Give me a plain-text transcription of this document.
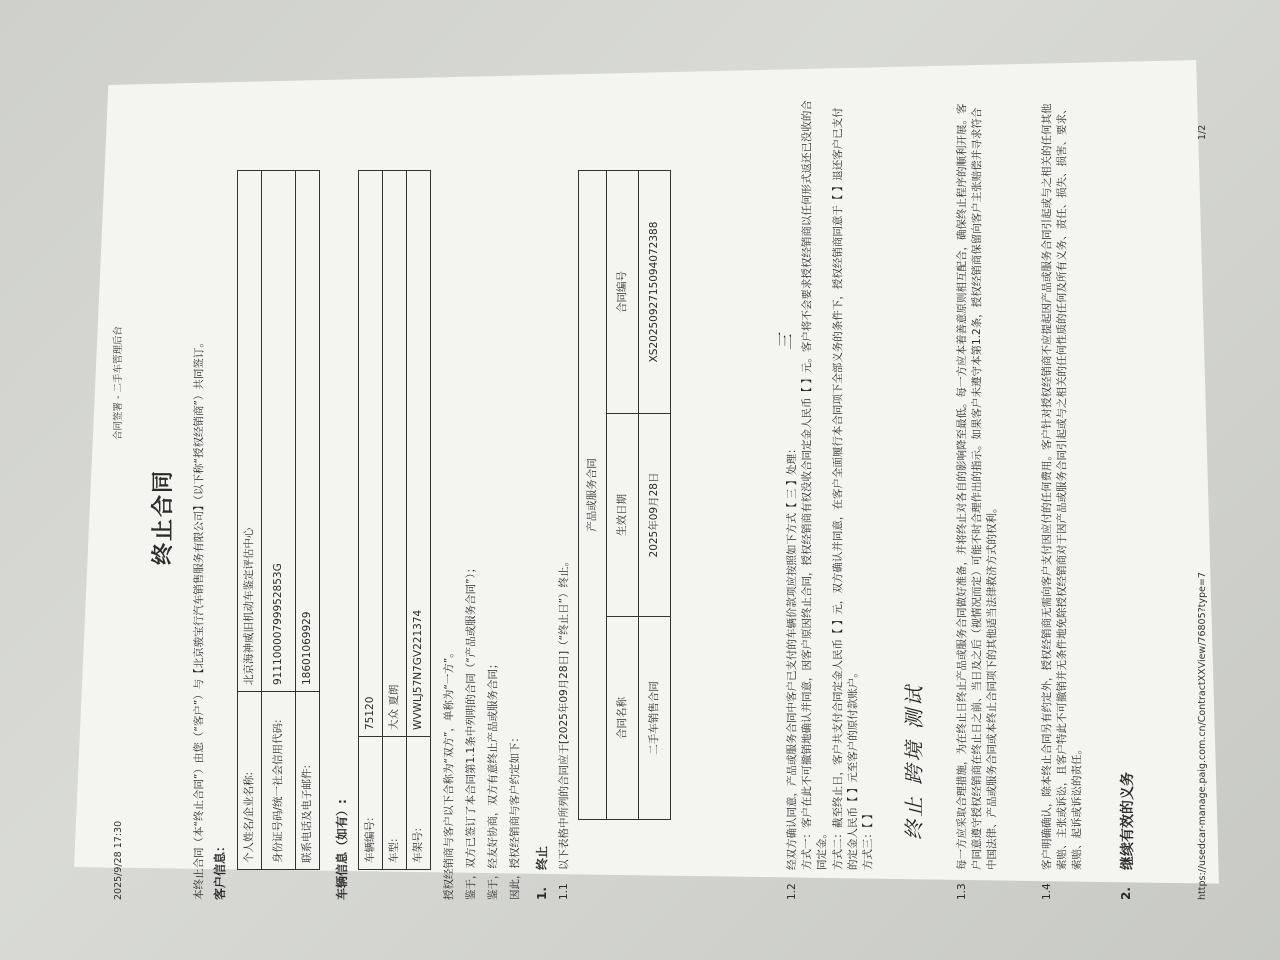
2025/9/28 17:30
合同签署 - 二手车管理后台
终止合同	本终止合同（本“终止合同”）由您（“客户”）与【北京骏宝行汽车销售服务有限公司】（以下称“授权经销商”）共同签订。 客户信息：
个人姓名/企业名称:	北京海神威旧机动车鉴定评估中心
身份证号码/统一社会信用代码:	91110000799952853G
联系电话及电子邮件:	18601069929
车辆信息（如有）: 车辆编号:	75120
车型:	大众 夏朗
车架号:	WVWLJ57N7GV221374 授权经销商与客户以下合称为“双方”，单称为“一方”。 鉴于，双方已签订了本合同第1.1条中列明的合同（“产品或服务合同”）； 鉴于，经友好协商，双方有意终止产品或服务合同； 因此，授权经销商与客户约定如下： 1.
终止
1.1
以下表格中所列的合同应于[2025年09月28日]（“终止日”）终止。
产品或服务合同		
合同名称	生效日期	合同编号
二手车销售合同	2025年09月28日	XS20250927150940723​88
1.2
经双方确认同意，产品或服务合同中客户已支付的车辆价款项应按照如下方式【 三 】处理： 方式一：客户在此不可撤销地确认并同意，因客户原因终止合同，授权经销商有权没收合同定金人民币【 】元。客户将不会要求授权经销商以任何形式返还已没收的合同定金。 方式二：截至终止日，客户共支付合同定金人民币【 】元，双方确认并同意，在客户全面履行本合同项下全部义务的条件下，授权经销商同意于【 】退还客户已支付的定金人民币【 】元至客户的原付款账户。 方式三：【 】
三
终止 跨境 测试
1.3
每一方应采取合理措施，为在终止日终止产品或服务合同做好准备，并将终止对各自的影响降至最低。每一方应本着善意原则相互配合，确保终止程序的顺利开展。客户同意遵守授权经销商在终止日之前、当日及之后（视情况而定）可能不时合理作出的指示。如果客户未遵守本第1.2条，授权经销商保留向客户主张赔偿并寻求符合中国法律、产品或服务合同或本终止合同项下的其他适当法律救济方式的权利。
1.4
客户明确确认，除本终止合同另有约定外，授权经销商无需向客户支付因应付的任何费用。客户针对授权经销商不应提起因产品或服务合同引起或与之相关的任何其他索赔、主张或诉讼，且客户特此不可撤销并无条件地免除授权经销商对于因产品或服务合同引起或与之相关的任何性质的任何及所有义务、责任、损失、损害、要求、索赔、起诉或诉讼的责任。
2.
继续有效的义务	https://usedcar-manage.paig.com.cn/ContractXXView/76805?type=7
1/2
